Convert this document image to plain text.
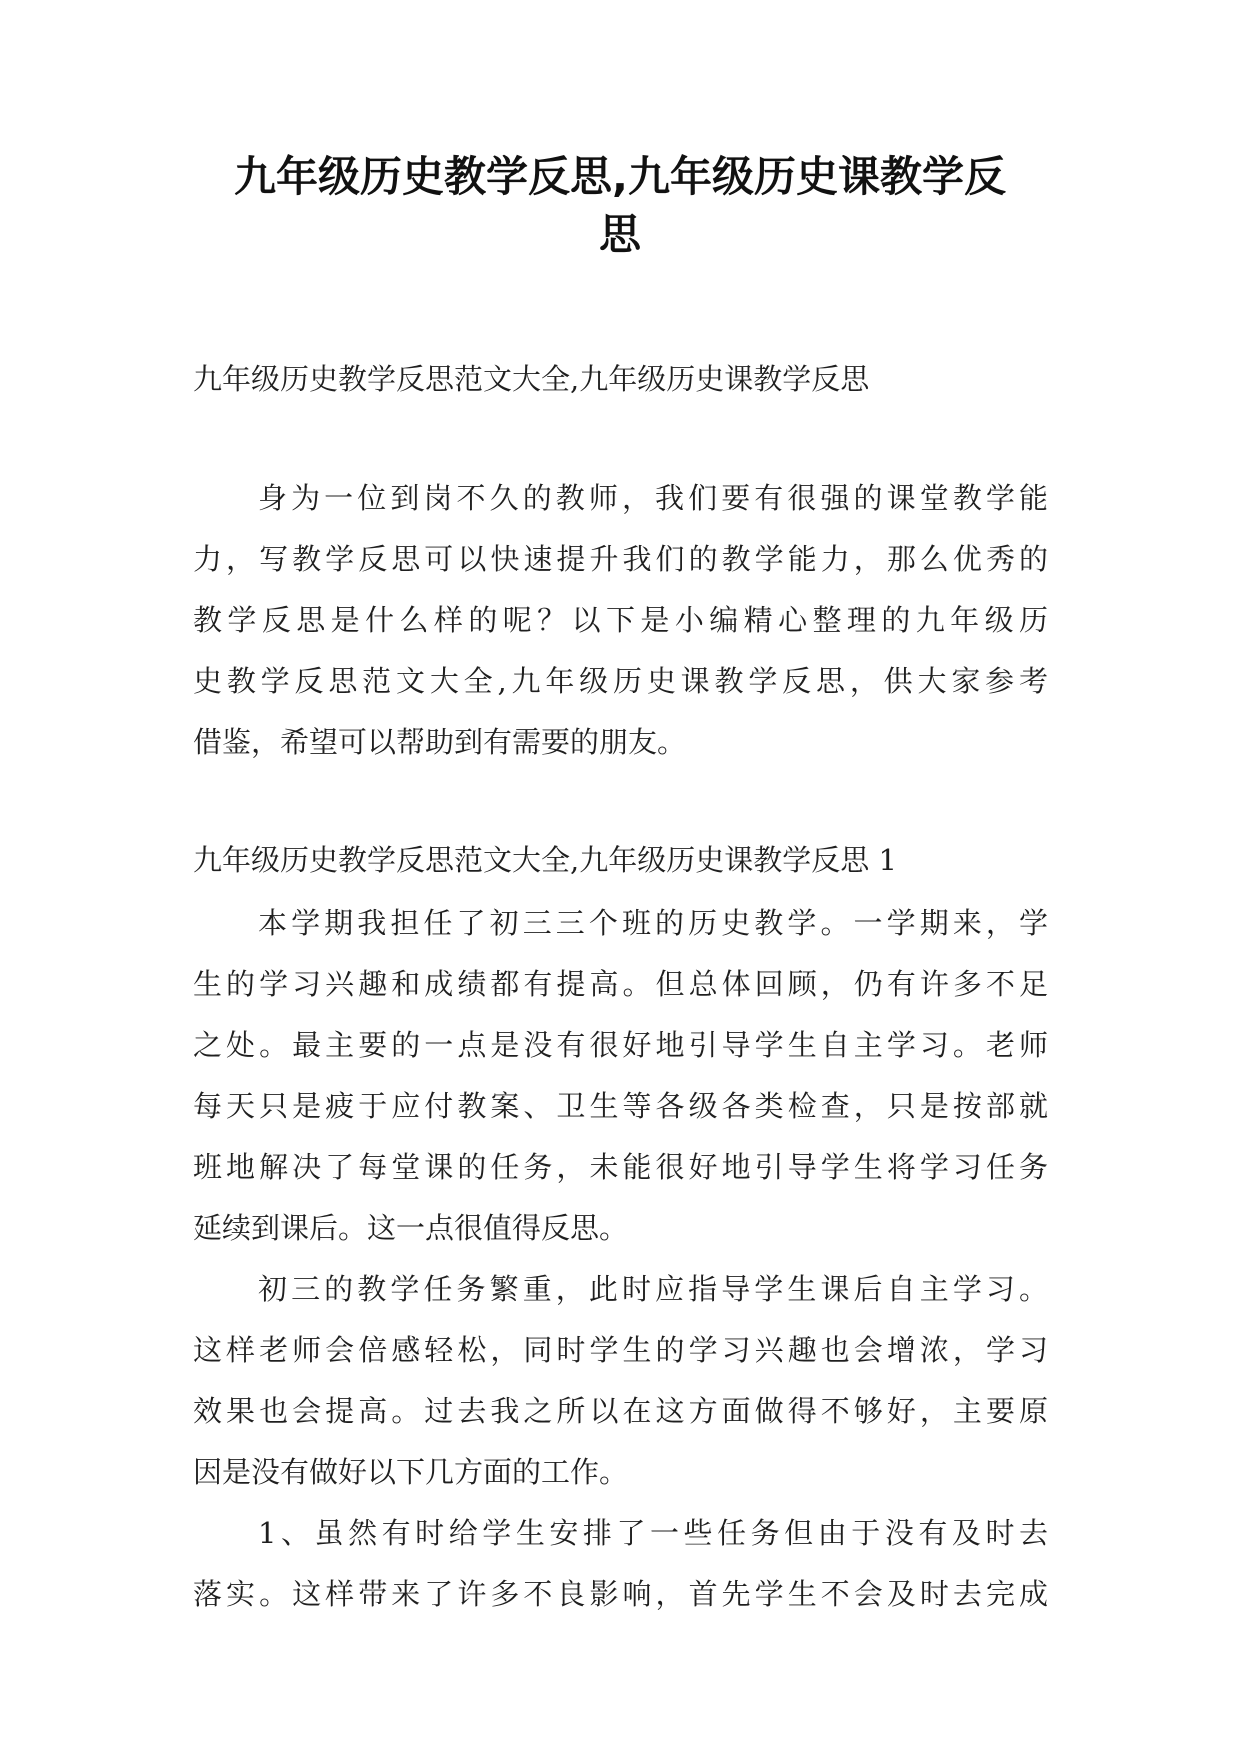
九年级历史教学反思,九年级历史课教学反
思

九年级历史教学反思范文大全,九年级历史课教学反思

身为一位到岗不久的教师，我们要有很强的课堂教学能

力，写教学反思可以快速提升我们的教学能力，那么优秀的

教学反思是什么样的呢？以下是小编精心整理的九年级历

史教学反思范文大全,九年级历史课教学反思，供大家参考

借鉴，希望可以帮助到有需要的朋友。

九年级历史教学反思范文大全,九年级历史课教学反思 1

本学期我担任了初三三个班的历史教学。一学期来，学

生的学习兴趣和成绩都有提高。但总体回顾，仍有许多不足

之处。最主要的一点是没有很好地引导学生自主学习。老师

每天只是疲于应付教案、卫生等各级各类检查，只是按部就

班地解决了每堂课的任务，未能很好地引导学生将学习任务

延续到课后。这一点很值得反思。

初三的教学任务繁重，此时应指导学生课后自主学习。

这样老师会倍感轻松，同时学生的学习兴趣也会增浓，学习

效果也会提高。过去我之所以在这方面做得不够好，主要原

因是没有做好以下几方面的工作。

1、虽然有时给学生安排了一些任务但由于没有及时去

落实。这样带来了许多不良影响，首先学生不会及时去完成
